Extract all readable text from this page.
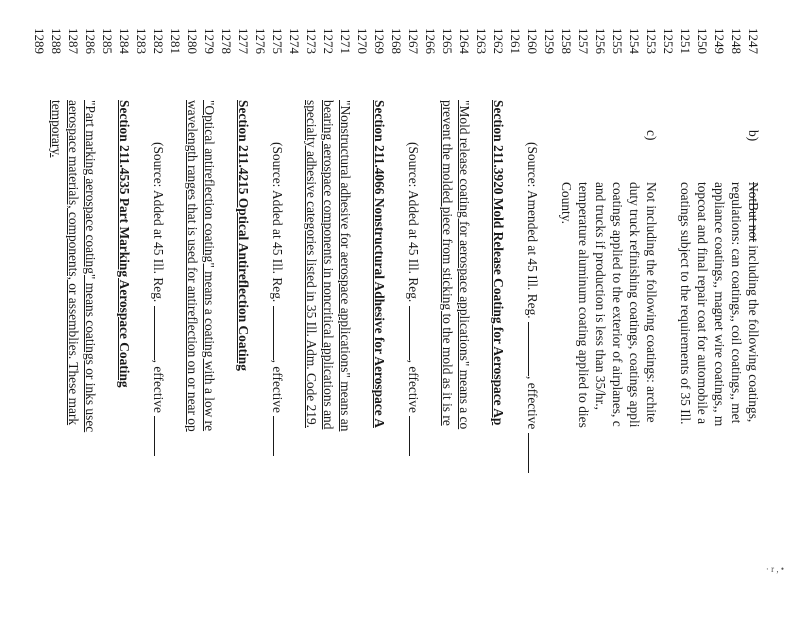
· r , •
1247
1248
1249
1250
1251
1252
1253
1254
1255
1256
1257
1258
1259
1260
1261
1262
1263
1264
1265
1266
1267
1268
1269
1270
1271
1272
1273
1274
1275
1276
1277
1278
1279
1280
1281
1282
1283
1284
1285
1286
1287
1288
1289
b)
NotBut not including the following coatings,
regulations: can coatings,, coil coatings,, met
appliance coatings,, magnet wire coatings,, m
topcoat and final repair coat for automobile a
coatings subject to the requirements of 35 Ill.
c)
Not including the following coatings: archite
duty truck refinishing coatings, coatings appli
coatings applied to the exterior of airplanes, c
and trucks if production is less than 35/hr.,
temperature aluminum coating applied to dies
County.
(Source: Amended at 45 Ill. Reg. , effective
Section 211.3920 Mold Release Coating for Aerospace Ap
"Mold release coating for aerospace applications" means a co
prevent the molded piece from sticking to the mold as it is re
(Source: Added at 45 Ill. Reg. , effective
Section 211.4066 Nonstructural Adhesive for Aerospace A
"Nonstructural adhesive for aerospace applications" means an
bearing aerospace components in noncritical applications and
specialty adhesive categories listed in 35 Ill. Adm. Code 219.
(Source: Added at 45 Ill. Reg. , effective
Section 211.4215 Optical Antireflection Coating
"Optical antireflection coating" means a coating with a low re
wavelength ranges that is used for antireflection on or near op
(Source: Added at 45 Ill. Reg. , effective
Section 211.4535 Part Marking Aerospace Coating
"Part marking aerospace coating" means coatings or inks usec
aerospace materials, components, or assemblies. These mark
temporary.
